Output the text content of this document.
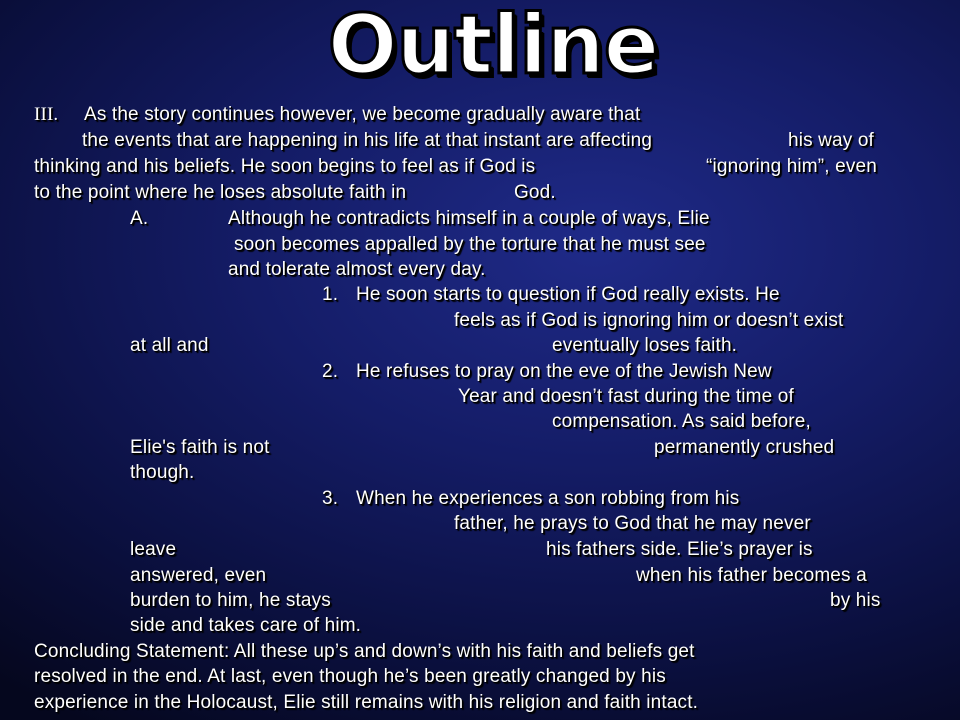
Outline
III. As the story continues however, we become gradually aware that
the events that are happening in his life at that instant are affecting	his way of
thinking and his beliefs. He soon begins to feel as if God is	“ignoring him”, even
to the point where he loses absolute faith in	God.
A.	Although he contradicts himself in a couple of ways, Elie
soon becomes appalled by the torture that he must see
and tolerate almost every day.
1. He soon starts to question if God really exists. He
feels as if God is ignoring him or doesn’t exist
at all and	eventually loses faith.
2. He refuses to pray on the eve of the Jewish New
Year and doesn’t fast during the time of
compensation. As said before,
Elie's faith is not	permanently crushed
though.
3. When he experiences a son robbing from his
father, he prays to God that he may never
leave	his fathers side. Elie’s prayer is
answered, even	when his father becomes a
burden to him, he stays	by his
side and takes care of him.
Concluding Statement: All these up’s and down’s with his faith and beliefs get
resolved in the end. At last, even though he’s been greatly changed by his
experience in the Holocaust, Elie still remains with his religion and faith intact.
